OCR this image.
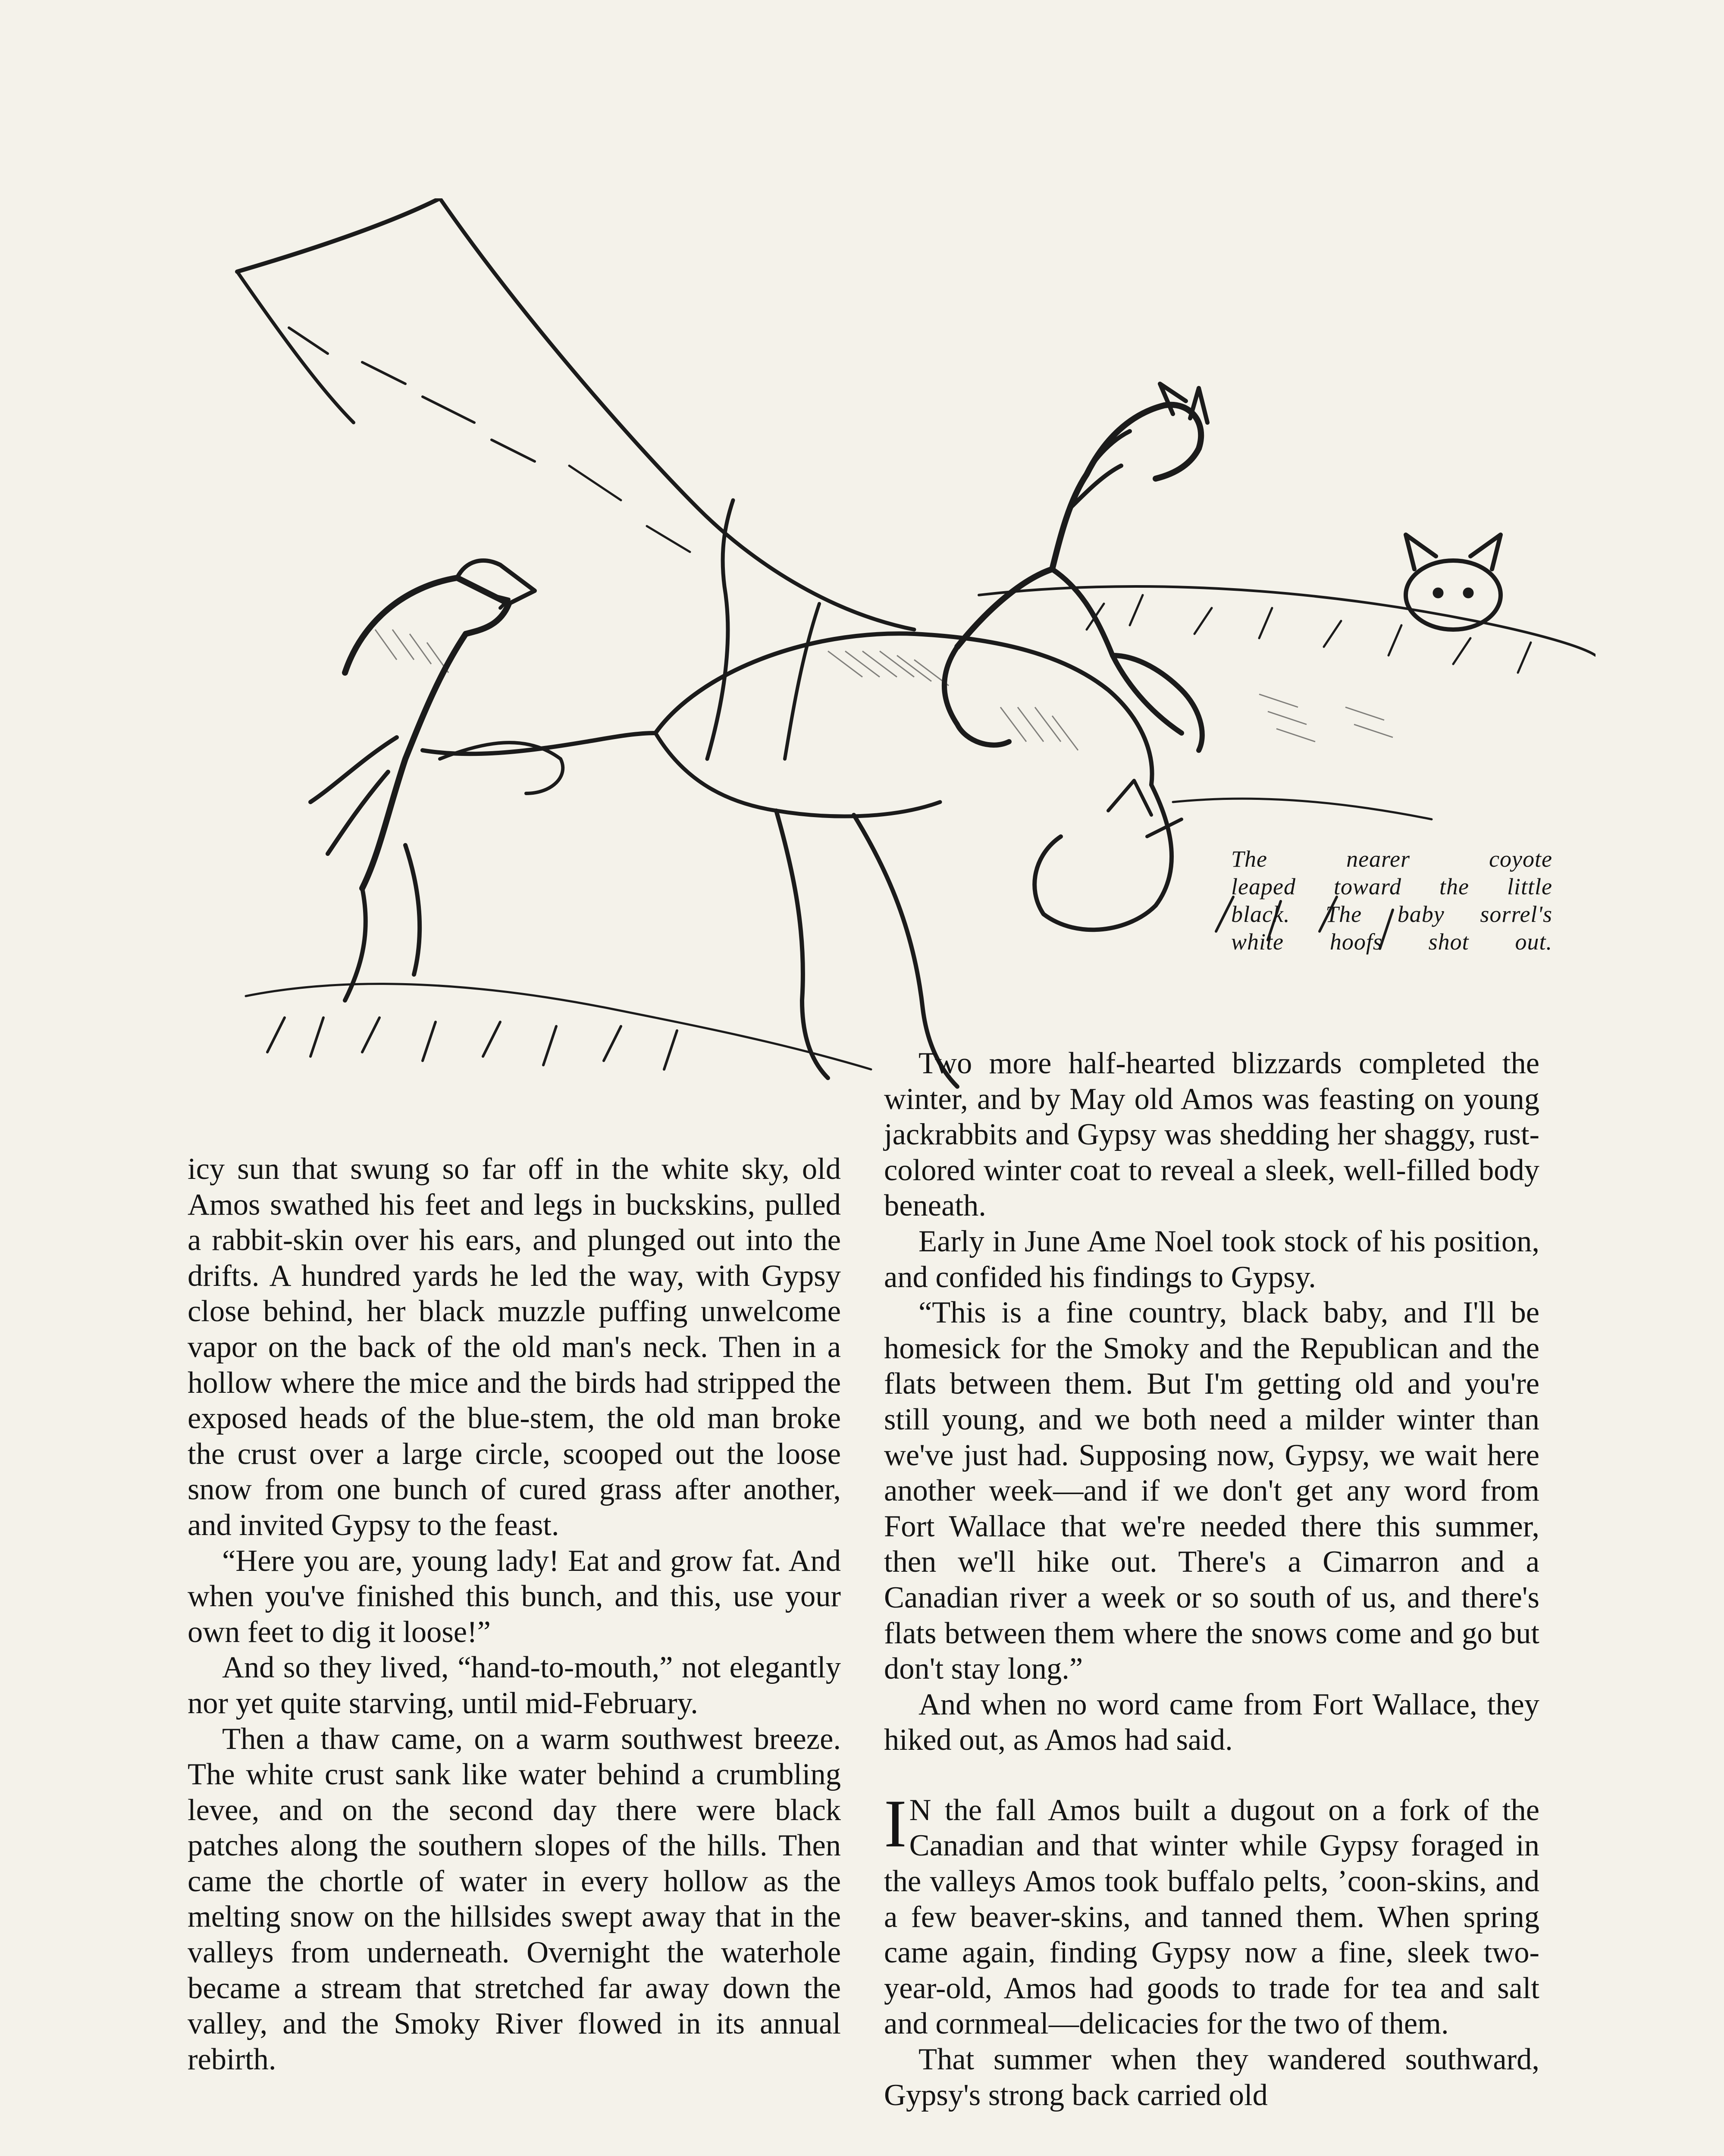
The nearer coyote
leaped toward the little
black. The baby sorrel's
white hoofs shot out.

icy sun that swung so far off in the white sky, old Amos swathed his feet and legs in buckskins, pulled a rabbit-skin over his ears, and plunged out into the drifts. A hundred yards he led the way, with Gypsy close behind, her black muzzle puffing unwelcome vapor on the back of the old man's neck. Then in a hollow where the mice and the birds had stripped the exposed heads of the blue-stem, the old man broke the crust over a large circle, scooped out the loose snow from one bunch of cured grass after another, and invited Gypsy to the feast.

“Here you are, young lady! Eat and grow fat. And when you've finished this bunch, and this, use your own feet to dig it loose!”

And so they lived, “hand-to-mouth,” not elegantly nor yet quite starving, until mid-February.

Then a thaw came, on a warm southwest breeze. The white crust sank like water behind a crumbling levee, and on the second day there were black patches along the southern slopes of the hills. Then came the chortle of water in every hollow as the melting snow on the hillsides swept away that in the valleys from underneath. Overnight the waterhole became a stream that stretched far away down the valley, and the Smoky River flowed in its annual rebirth.

Two more half-hearted blizzards completed the winter, and by May old Amos was feasting on young jackrabbits and Gypsy was shedding her shaggy, rust-colored winter coat to reveal a sleek, well-filled body beneath.

Early in June Ame Noel took stock of his position, and confided his findings to Gypsy.

“This is a fine country, black baby, and I'll be homesick for the Smoky and the Republican and the flats between them. But I'm getting old and you're still young, and we both need a milder winter than we've just had. Supposing now, Gypsy, we wait here another week—and if we don't get any word from Fort Wallace that we're needed there this summer, then we'll hike out. There's a Cimarron and a Canadian river a week or so south of us, and there's flats between them where the snows come and go but don't stay long.”

And when no word came from Fort Wallace, they hiked out, as Amos had said.

I N the fall Amos built a dugout on a fork of the Canadian and that winter while Gypsy foraged in the valleys Amos took buffalo pelts, ’coon-skins, and a few beaver-skins, and tanned them. When spring came again, finding Gypsy now a fine, sleek two-year-old, Amos had goods to trade for tea and salt and cornmeal—delicacies for the two of them.

That summer when they wandered southward, Gypsy's strong back carried old
